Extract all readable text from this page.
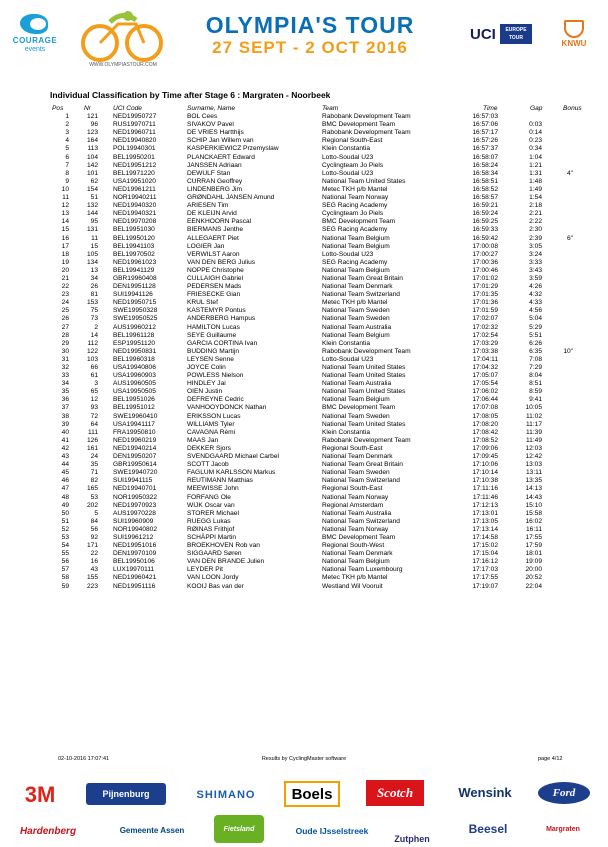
COURAGE
events
WWW.OLYMPIASTOUR.COM
OLYMPIA'S TOUR
27 SEPT - 2 OCT 2016
UCI	EUROPE TOUR
KNWU
Individual Classification by Time after Stage 6 : Margraten - Noorbeek
Pos	Nr	UCI Code	Surname, Name	Team	Time	Gap	Bonus
1	121 NED19950727	BOL Cees	Rabobank Development Team	16:57:03
2	96 RUS19970711	SIVAKOV Pavel	BMC Development Team	16:57:06	0:03
3	123 NED19960711	DE VRIES Hartthijs	Rabobank Development Team	16:57:17	0:14
4	164 NED19940820	SCHIP Jan Willem van	Regional South-East	16:57:26	0:23
5	113 POL19940301	KASPERKIEWICZ Przemyslaw	Klein Constantia	16:57:37	0:34
6	104 BEL19950201	PLANCKAERT Edward	Lotto-Soudal U23	16:58:07	1:04
7	142 NED19951212	JANSSEN Adriaan	Cyclingteam Jo Piels	16:58:24	1:21
8	101 BEL19971220	DEWULF Stan	Lotto-Soudal U23	16:58:34	1:31	4"
9	62 USA19951020	CURRAN Geoffrey	National Team United States	16:58:51	1:48
10	154 NED19961211	LINDENBERG Jim	Metec TKH p/b Mantel	16:58:52	1:49
11	51 NOR19940211	GRØNDAHL JANSEN Amund	National Team Norway	16:58:57	1:54
12	132 NED19940320	ARIESEN Tim	SEG Racing Academy	16:59:21	2:18
13	144 NED19940321	DE KLEIJN Arvid	Cyclingteam Jo Piels	16:59:24	2:21
14	95 NED19970208	EENKHOORN Pascal	BMC Development Team	16:59:25	2:22
15	131 BEL19951030	BIERMANS Jenthe	SEG Racing Academy	16:59:33	2:30
16	11 BEL19950120	ALLEGAERT Piet	National Team Belgium	16:59:42	2:39	6"
17	15 BEL19941103	LOGIER Jan	National Team Belgium	17:00:08	3:05
18	105 BEL19970502	VERWILST Aaron	Lotto-Soudal U23	17:00:27	3:24
19	134 NED19961023	VAN DEN BERG Julius	SEG Racing Academy	17:00:36	3:33
20	13 BEL19941129	NOPPE Christophe	National Team Belgium	17:00:46	3:43
21	34 GBR19960408	CULLAIGH Gabriel	National Team Great Britain	17:01:02	3:59
22	26 DEN19951128	PEDERSEN Mads	National Team Denmark	17:01:29	4:26
23	81 SUI19941126	FRIESECKE Gian	National Team Switzerland	17:01:35	4:32
24	153 NED19950715	KRUL Stef	Metec TKH p/b Mantel	17:01:36	4:33
25	75 SWE19950328	KASTEMYR Pontus	National Team Sweden	17:01:59	4:56
26	73 SWE19950525	ANDERBERG Hampus	National Team Sweden	17:02:07	5:04
27	2 AUS19960212	HAMILTON Lucas	National Team Australia	17:02:32	5:29
28	14 BEL19961128	SEYE Guillaume	National Team Belgium	17:02:54	5:51
29	112 ESP19951120	GARCIA CORTINA Ivan	Klein Constantia	17:03:29	6:26
30	122 NED19950831	BUDDING Martijn	Rabobank Development Team	17:03:38	6:35	10"
31	103 BEL19960318	LEYSEN Senne	Lotto-Soudal U23	17:04:11	7:08
32	66 USA19940806	JOYCE Colin	National Team United States	17:04:32	7:29
33	61 USA19960903	POWLESS Nielson	National Team United States	17:05:07	8:04
34	3 AUS19960505	HINDLEY Jai	National Team Australia	17:05:54	8:51
35	65 USA19950505	OIEN Justin	National Team United States	17:06:02	8:59
36	12 BEL19951026	DEFREYNE Cedric	National Team Belgium	17:06:44	9:41
37	93 BEL19951012	VANHOOYDONCK Nathan	BMC Development Team	17:07:08	10:05
38	72 SWE19960410	ERIKSSON Lucas	National Team Sweden	17:08:05	11:02
39	64 USA19941117	WILLIAMS Tyler	National Team United States	17:08:20	11:17
40	111 FRA19950810	CAVAGNA Rémi	Klein Constantia	17:08:42	11:39
41	126 NED19960219	MAAS Jan	Rabobank Development Team	17:08:52	11:49
42	161 NED19940214	DEKKER Sjors	Regional South-East	17:09:06	12:03
43	24 DEN19950207	SVENDGAARD Michael Carbel	National Team Denmark	17:09:45	12:42
44	35 GBR19950614	SCOTT Jacob	National Team Great Britain	17:10:06	13:03
45	71 SWE19940720	FAGLUM KARLSSON Markus	National Team Sweden	17:10:14	13:11
46	82 SUI19941115	REUTIMANN Matthias	National Team Switzerland	17:10:38	13:35
47	165 NED19940701	MEEWISSE John	Regional South-East	17:11:16	14:13
48	53 NOR19950322	FORFANG Ole	National Team Norway	17:11:46	14:43
49	202 NED19970923	WIJK Oscar van	Regional Amsterdam	17:12:13	15:10
50	5 AUS19970228	STORER Michael	National Team Australia	17:13:01	15:58
51	84 SUI19960909	RUEGG Lukas	National Team Switzerland	17:13:05	16:02
52	56 NOR19940802	RØINAS Frithjof	National Team Norway	17:13:14	16:11
53	92 SUI19961212	SCHÄPPI Martin	BMC Development Team	17:14:58	17:55
54	171 NED19951016	BROEKHOVEN Rob van	Regional South-West	17:15:02	17:59
55	22 DEN19970109	SIGGAARD Søren	National Team Denmark	17:15:04	18:01
56	16 BEL19950106	VAN DEN BRANDE Julien	National Team Belgium	17:16:12	19:09
57	43 LUX19970111	LEYDER Pit	National Team Luxembourg	17:17:03	20:00
58	155 NED19960421	VAN LOON Jordy	Metec TKH p/b Mantel	17:17:55	20:52
59	223 NED19951116	KOOIJ Bas van der	Westland Wil Vooruit	17:19:07	22:04
02-10-2016 17:07:41	Results by CyclingMaster software	page 4/12
3M	Pijnenburg	SHIMANO	Boels	Scotch	Wensink	Ford
Hardenberg	Gemeente Assen	Fietsland	Oude IJsselstreek
Zutphen
Beesel	Margraten
